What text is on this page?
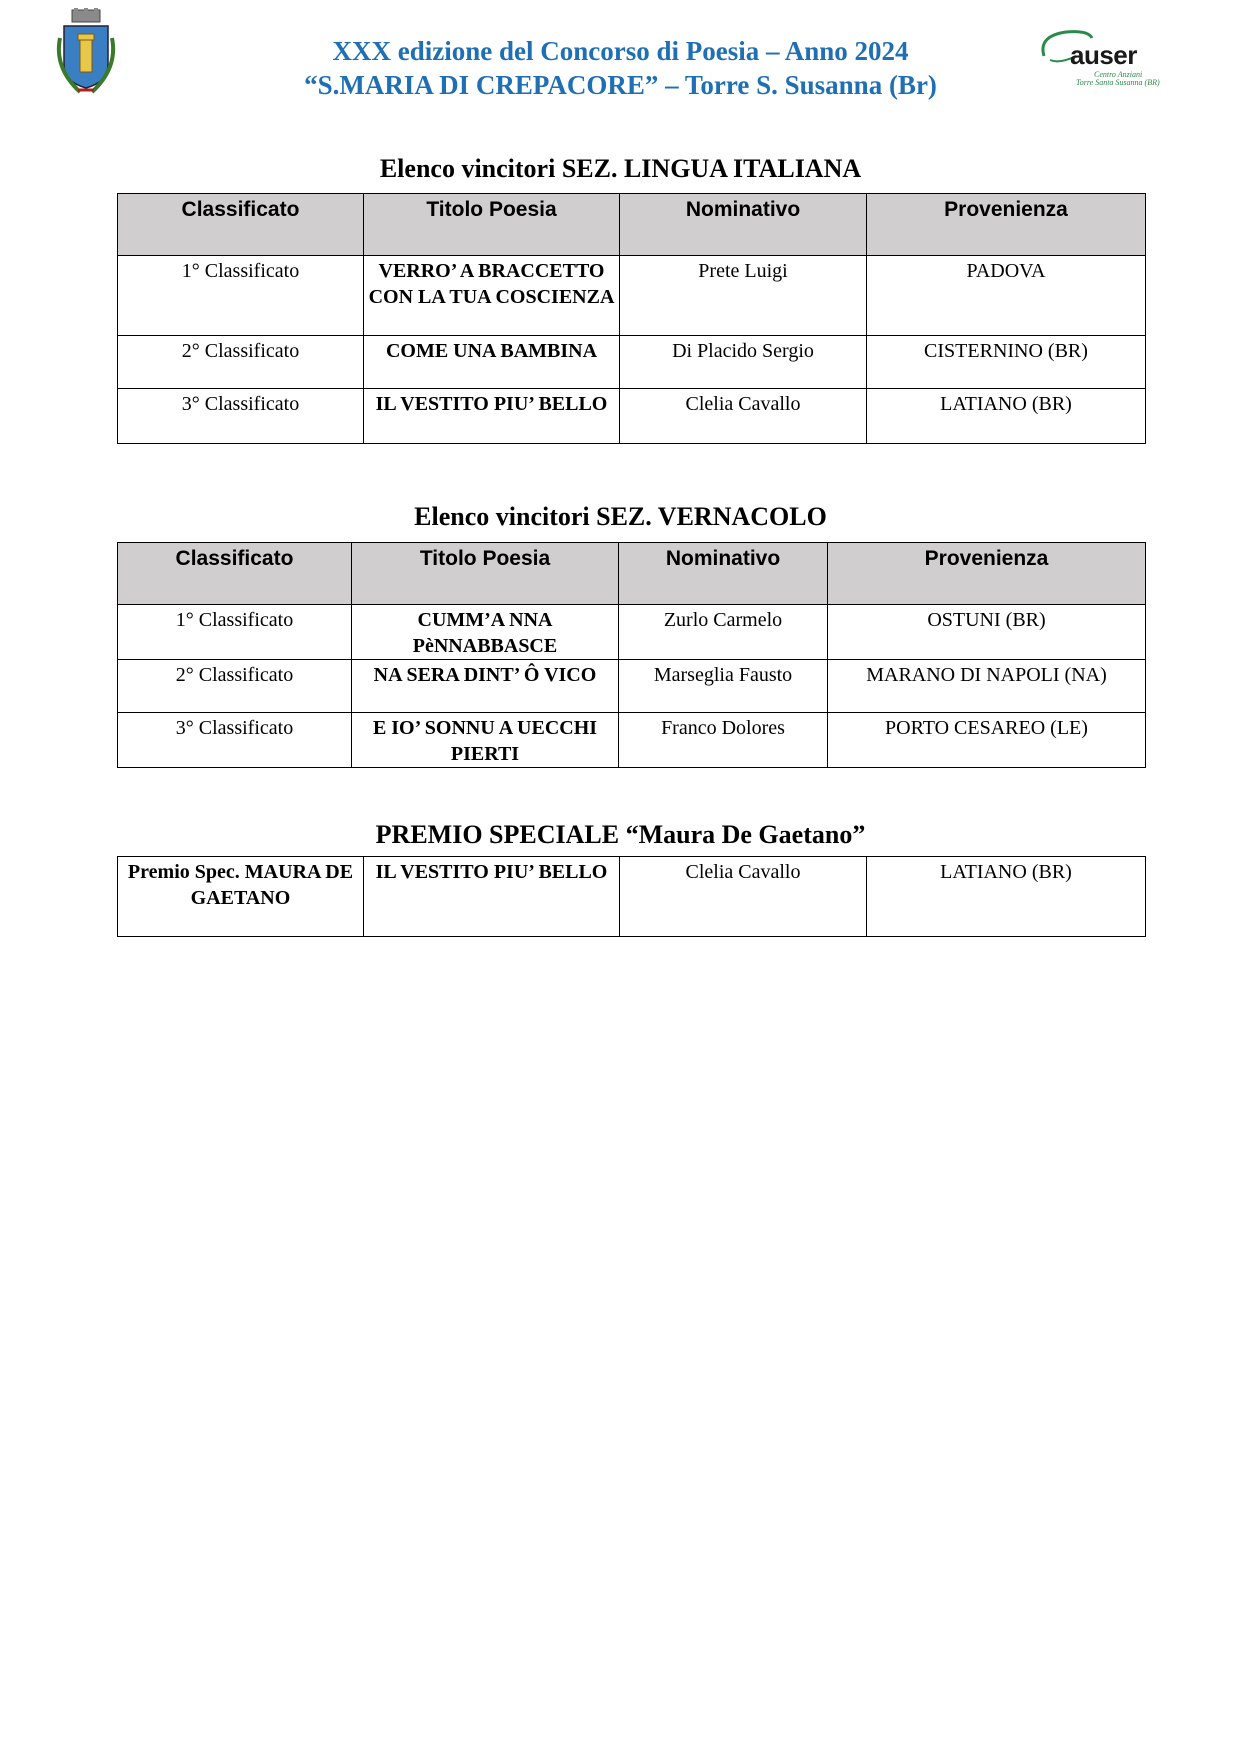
XXX edizione del Concorso di Poesia – Anno 2024
“S.MARIA DI CREPACORE” – Torre S. Susanna (Br)
auser
Centro Anziani
Torre Santa Susanna (BR)
Elenco vincitori SEZ. LINGUA ITALIANA
Classificato	Titolo Poesia	Nominativo	Provenienza
1° Classificato	VERRO’ A BRACCETTO CON LA TUA COSCIENZA	Prete Luigi	PADOVA
2° Classificato	COME UNA BAMBINA	Di Placido Sergio	CISTERNINO (BR)
3° Classificato	IL VESTITO PIU’ BELLO	Clelia Cavallo	LATIANO (BR)
Elenco vincitori SEZ. VERNACOLO
Classificato	Titolo Poesia	Nominativo	Provenienza
1° Classificato	CUMM’A NNA PèNNABBASCE	Zurlo Carmelo	OSTUNI (BR)
2° Classificato	NA SERA DINT’ Ô VICO	Marseglia Fausto	MARANO DI NAPOLI (NA)
3° Classificato	E IO’ SONNU A UECCHI PIERTI	Franco Dolores	PORTO CESAREO (LE)
PREMIO SPECIALE “Maura De Gaetano”
Premio Spec. MAURA DE GAETANO	IL VESTITO PIU’ BELLO	Clelia Cavallo	LATIANO (BR)
